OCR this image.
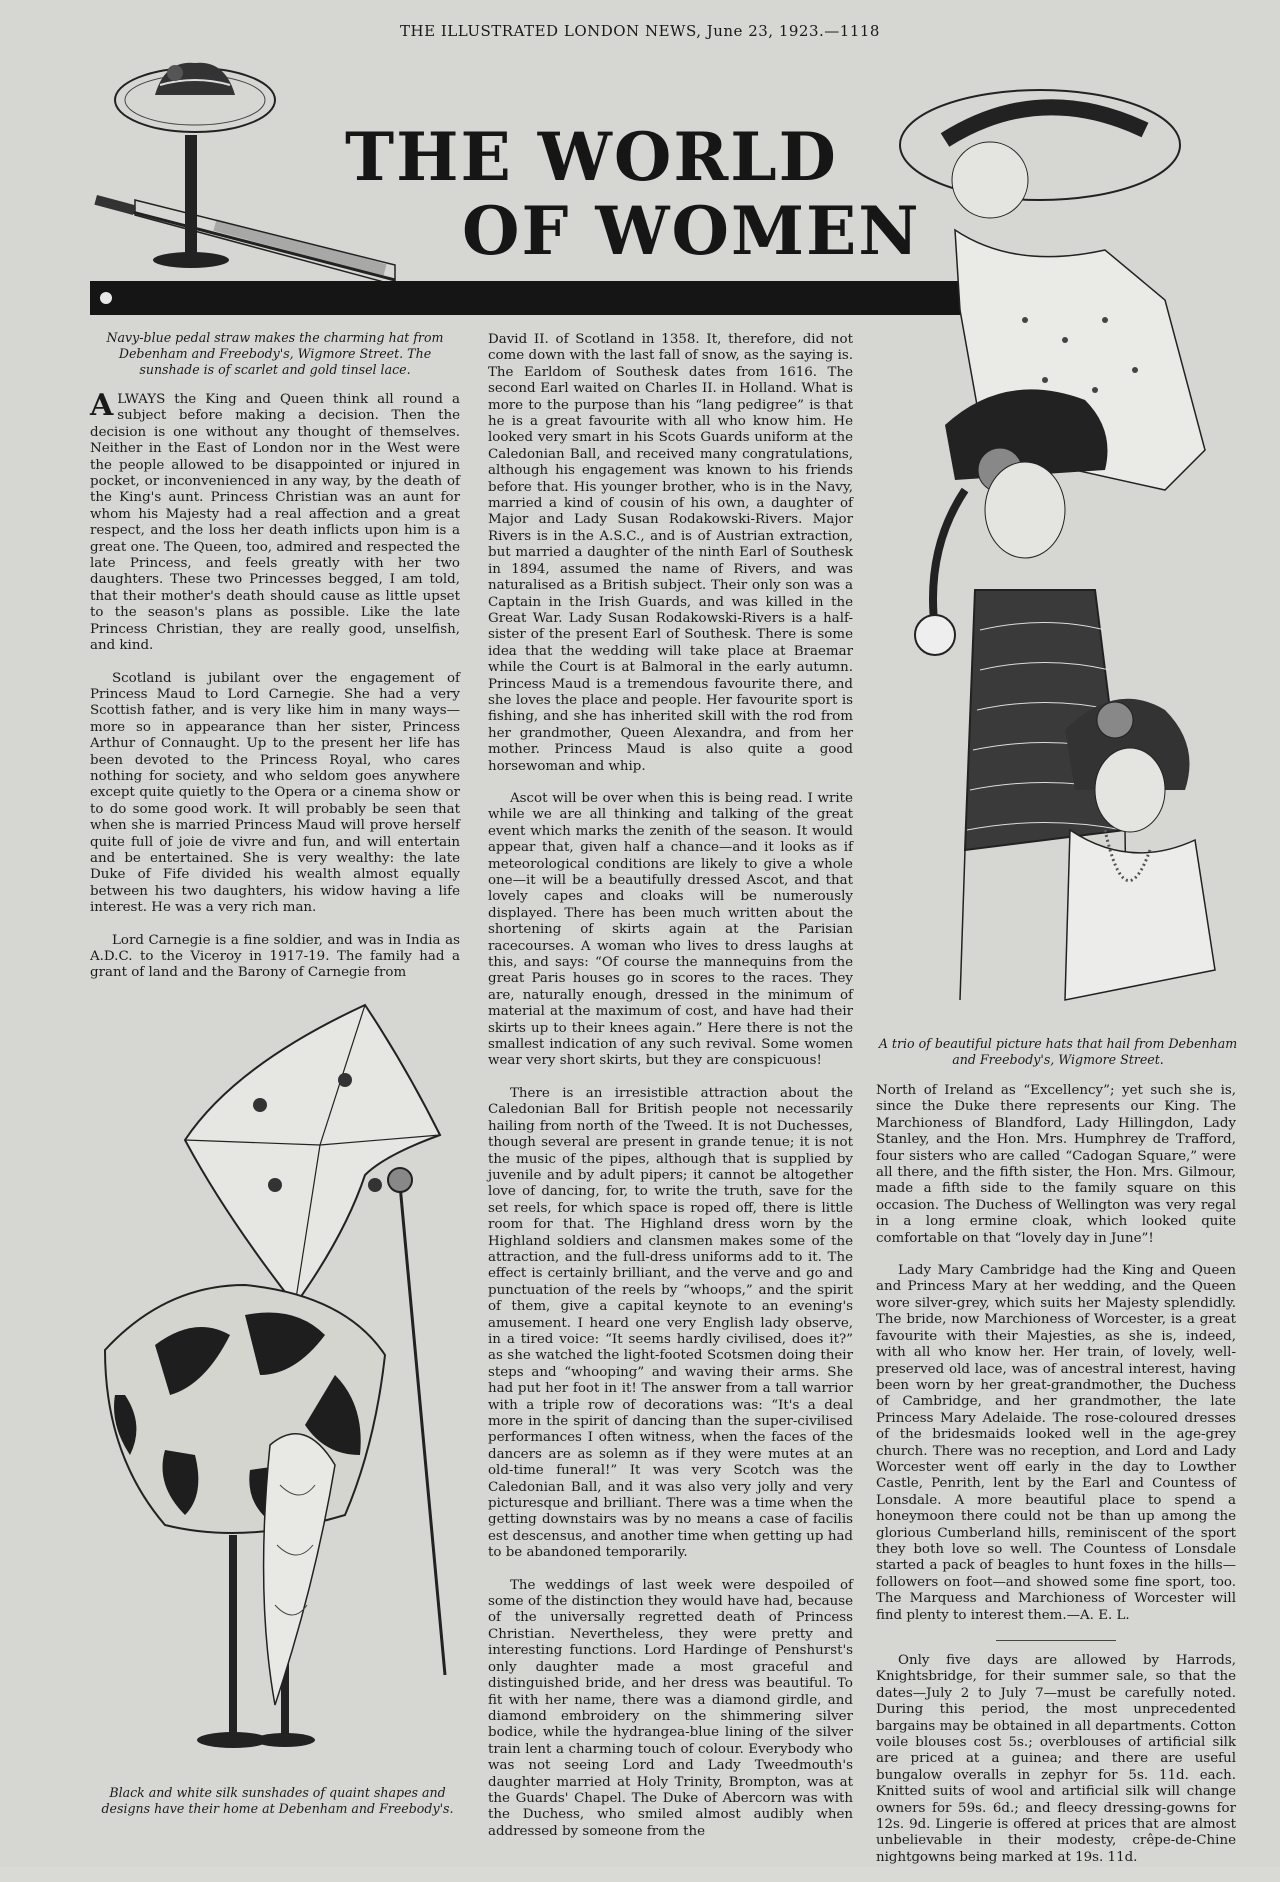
THE ILLUSTRATED LONDON NEWS, June 23, 1923.—1118
THE WORLD
OF WOMEN
A trio of beautiful picture hats that hail from Debenham and Freebody's, Wigmore Street.
Navy-blue pedal straw makes the charming hat from Debenham and Freebody's, Wigmore Street. The sunshade is of scarlet and gold tinsel lace.

ALWAYS the King and Queen think all round a subject before making a decision. Then the decision is one without any thought of themselves. Neither in the East of London nor in the West were the people allowed to be disappointed or injured in pocket, or inconvenienced in any way, by the death of the King's aunt. Princess Christian was an aunt for whom his Majesty had a real affection and a great respect, and the loss her death inflicts upon him is a great one. The Queen, too, admired and respected the late Princess, and feels greatly with her two daughters. These two Princesses begged, I am told, that their mother's death should cause as little upset to the season's plans as possible. Like the late Princess Christian, they are really good, unselfish, and kind.

Scotland is jubilant over the engagement of Princess Maud to Lord Carnegie. She had a very Scottish father, and is very like him in many ways—more so in appearance than her sister, Princess Arthur of Connaught. Up to the present her life has been devoted to the Princess Royal, who cares nothing for society, and who seldom goes anywhere except quite quietly to the Opera or a cinema show or to do some good work. It will probably be seen that when she is married Princess Maud will prove herself quite full of joie de vivre and fun, and will entertain and be entertained. She is very wealthy: the late Duke of Fife divided his wealth almost equally between his two daughters, his widow having a life interest. He was a very rich man.

Lord Carnegie is a fine soldier, and was in India as A.D.C. to the Viceroy in 1917-19. The family had a grant of land and the Barony of Carnegie from

Black and white silk sunshades of quaint shapes and designs have their home at Debenham and Freebody's.

David II. of Scotland in 1358. It, therefore, did not come down with the last fall of snow, as the saying is. The Earldom of Southesk dates from 1616. The second Earl waited on Charles II. in Holland. What is more to the purpose than his “lang pedigree” is that he is a great favourite with all who know him. He looked very smart in his Scots Guards uniform at the Caledonian Ball, and received many congratulations, although his engagement was known to his friends before that. His younger brother, who is in the Navy, married a kind of cousin of his own, a daughter of Major and Lady Susan Rodakowski-Rivers. Major Rivers is in the A.S.C., and is of Austrian extraction, but married a daughter of the ninth Earl of Southesk in 1894, assumed the name of Rivers, and was naturalised as a British subject. Their only son was a Captain in the Irish Guards, and was killed in the Great War. Lady Susan Rodakowski-Rivers is a half-sister of the present Earl of Southesk. There is some idea that the wedding will take place at Braemar while the Court is at Balmoral in the early autumn. Princess Maud is a tremendous favourite there, and she loves the place and people. Her favourite sport is fishing, and she has inherited skill with the rod from her grandmother, Queen Alexandra, and from her mother. Princess Maud is also quite a good horsewoman and whip.

Ascot will be over when this is being read. I write while we are all thinking and talking of the great event which marks the zenith of the season. It would appear that, given half a chance—and it looks as if meteorological conditions are likely to give a whole one—it will be a beautifully dressed Ascot, and that lovely capes and cloaks will be numerously displayed. There has been much written about the shortening of skirts again at the Parisian racecourses. A woman who lives to dress laughs at this, and says: “Of course the mannequins from the great Paris houses go in scores to the races. They are, naturally enough, dressed in the minimum of material at the maximum of cost, and have had their skirts up to their knees again.” Here there is not the smallest indication of any such revival. Some women wear very short skirts, but they are conspicuous!

There is an irresistible attraction about the Caledonian Ball for British people not necessarily hailing from north of the Tweed. It is not Duchesses, though several are present in grande tenue; it is not the music of the pipes, although that is supplied by juvenile and by adult pipers; it cannot be altogether love of dancing, for, to write the truth, save for the set reels, for which space is roped off, there is little room for that. The Highland dress worn by the Highland soldiers and clansmen makes some of the attraction, and the full-dress uniforms add to it. The effect is certainly brilliant, and the verve and go and punctuation of the reels by “whoops,” and the spirit of them, give a capital keynote to an evening's amusement. I heard one very English lady observe, in a tired voice: “It seems hardly civilised, does it?” as she watched the light-footed Scotsmen doing their steps and “whooping” and waving their arms. She had put her foot in it! The answer from a tall warrior with a triple row of decorations was: “It's a deal more in the spirit of dancing than the super-civilised performances I often witness, when the faces of the dancers are as solemn as if they were mutes at an old-time funeral!” It was very Scotch was the Caledonian Ball, and it was also very jolly and very picturesque and brilliant. There was a time when the getting downstairs was by no means a case of facilis est descensus, and another time when getting up had to be abandoned temporarily.

The weddings of last week were despoiled of some of the distinction they would have had, because of the universally regretted death of Princess Christian. Nevertheless, they were pretty and interesting functions. Lord Hardinge of Penshurst's only daughter made a most graceful and distinguished bride, and her dress was beautiful. To fit with her name, there was a diamond girdle, and diamond embroidery on the shimmering silver bodice, while the hydrangea-blue lining of the silver train lent a charming touch of colour. Everybody who was not seeing Lord and Lady Tweedmouth's daughter married at Holy Trinity, Brompton, was at the Guards' Chapel. The Duke of Abercorn was with the Duchess, who smiled almost audibly when addressed by someone from the

North of Ireland as “Excellency”; yet such she is, since the Duke there represents our King. The Marchioness of Blandford, Lady Hillingdon, Lady Stanley, and the Hon. Mrs. Humphrey de Trafford, four sisters who are called “Cadogan Square,” were all there, and the fifth sister, the Hon. Mrs. Gilmour, made a fifth side to the family square on this occasion. The Duchess of Wellington was very regal in a long ermine cloak, which looked quite comfortable on that “lovely day in June”!

Lady Mary Cambridge had the King and Queen and Princess Mary at her wedding, and the Queen wore silver-grey, which suits her Majesty splendidly. The bride, now Marchioness of Worcester, is a great favourite with their Majesties, as she is, indeed, with all who know her. Her train, of lovely, well-preserved old lace, was of ancestral interest, having been worn by her great-grandmother, the Duchess of Cambridge, and her grandmother, the late Princess Mary Adelaide. The rose-coloured dresses of the bridesmaids looked well in the age-grey church. There was no reception, and Lord and Lady Worcester went off early in the day to Lowther Castle, Penrith, lent by the Earl and Countess of Lonsdale. A more beautiful place to spend a honeymoon there could not be than up among the glorious Cumberland hills, reminiscent of the sport they both love so well. The Countess of Lonsdale started a pack of beagles to hunt foxes in the hills—followers on foot—and showed some fine sport, too. The Marquess and Marchioness of Worcester will find plenty to interest them.—A. E. L.

Only five days are allowed by Harrods, Knightsbridge, for their summer sale, so that the dates—July 2 to July 7—must be carefully noted. During this period, the most unprecedented bargains may be obtained in all departments. Cotton voile blouses cost 5s.; overblouses of artificial silk are priced at a guinea; and there are useful bungalow overalls in zephyr for 5s. 11d. each. Knitted suits of wool and artificial silk will change owners for 59s. 6d.; and fleecy dressing-gowns for 12s. 9d. Lingerie is offered at prices that are almost unbelievable in their modesty, crêpe-de-Chine nightgowns being marked at 19s. 11d.
